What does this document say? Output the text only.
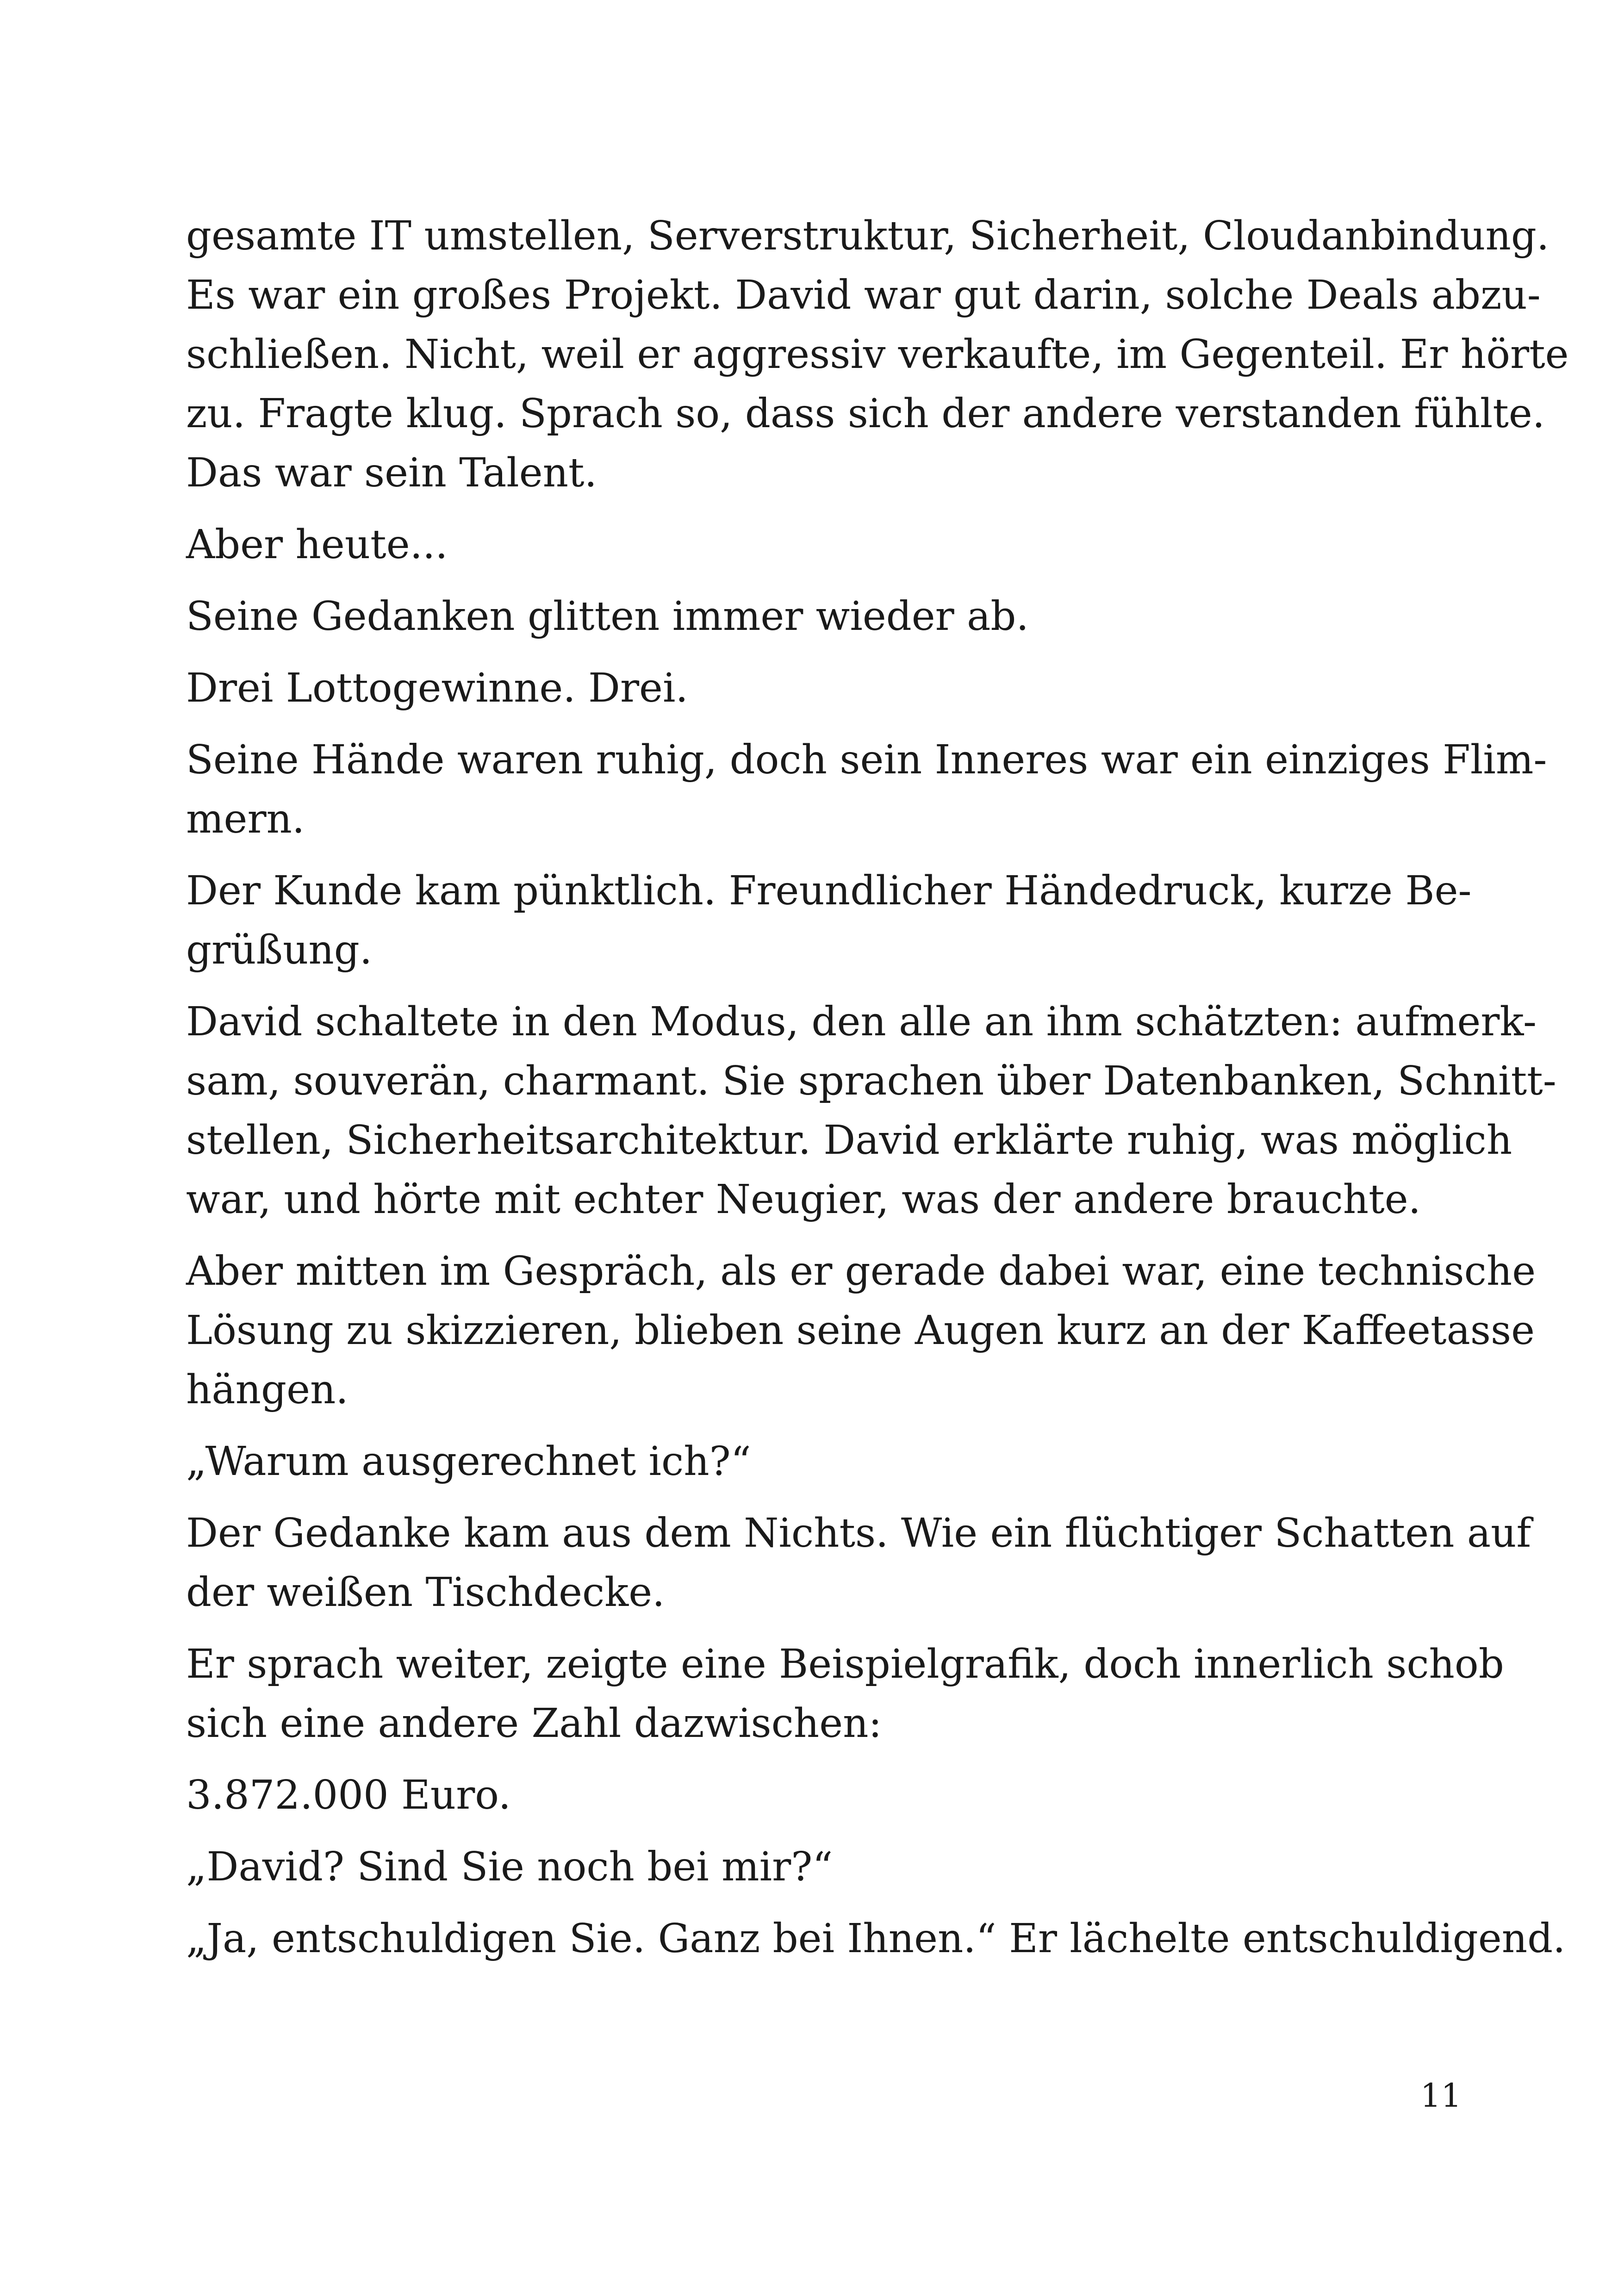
gesamte IT umstellen, Serverstruktur, Sicherheit, Cloudanbindung.
Es war ein großes Projekt. David war gut darin, solche Deals abzu-
schließen. Nicht, weil er aggressiv verkaufte, im Gegenteil. Er hörte
zu. Fragte klug. Sprach so, dass sich der andere verstanden fühlte.
Das war sein Talent.
Aber heute...
Seine Gedanken glitten immer wieder ab.
Drei Lottogewinne. Drei.
Seine Hände waren ruhig, doch sein Inneres war ein einziges Flim-
mern.
Der Kunde kam pünktlich. Freundlicher Händedruck, kurze Be-
grüßung.
David schaltete in den Modus, den alle an ihm schätzten: aufmerk-
sam, souverän, charmant. Sie sprachen über Datenbanken, Schnitt-
stellen, Sicherheitsarchitektur. David erklärte ruhig, was möglich
war, und hörte mit echter Neugier, was der andere brauchte.
Aber mitten im Gespräch, als er gerade dabei war, eine technische
Lösung zu skizzieren, blieben seine Augen kurz an der Kaffeetasse
hängen.
„Warum ausgerechnet ich?“
Der Gedanke kam aus dem Nichts. Wie ein flüchtiger Schatten auf
der weißen Tischdecke.
Er sprach weiter, zeigte eine Beispielgrafik, doch innerlich schob
sich eine andere Zahl dazwischen:
3.872.000 Euro.
„David? Sind Sie noch bei mir?“
„Ja, entschuldigen Sie. Ganz bei Ihnen.“ Er lächelte entschuldigend.
11
